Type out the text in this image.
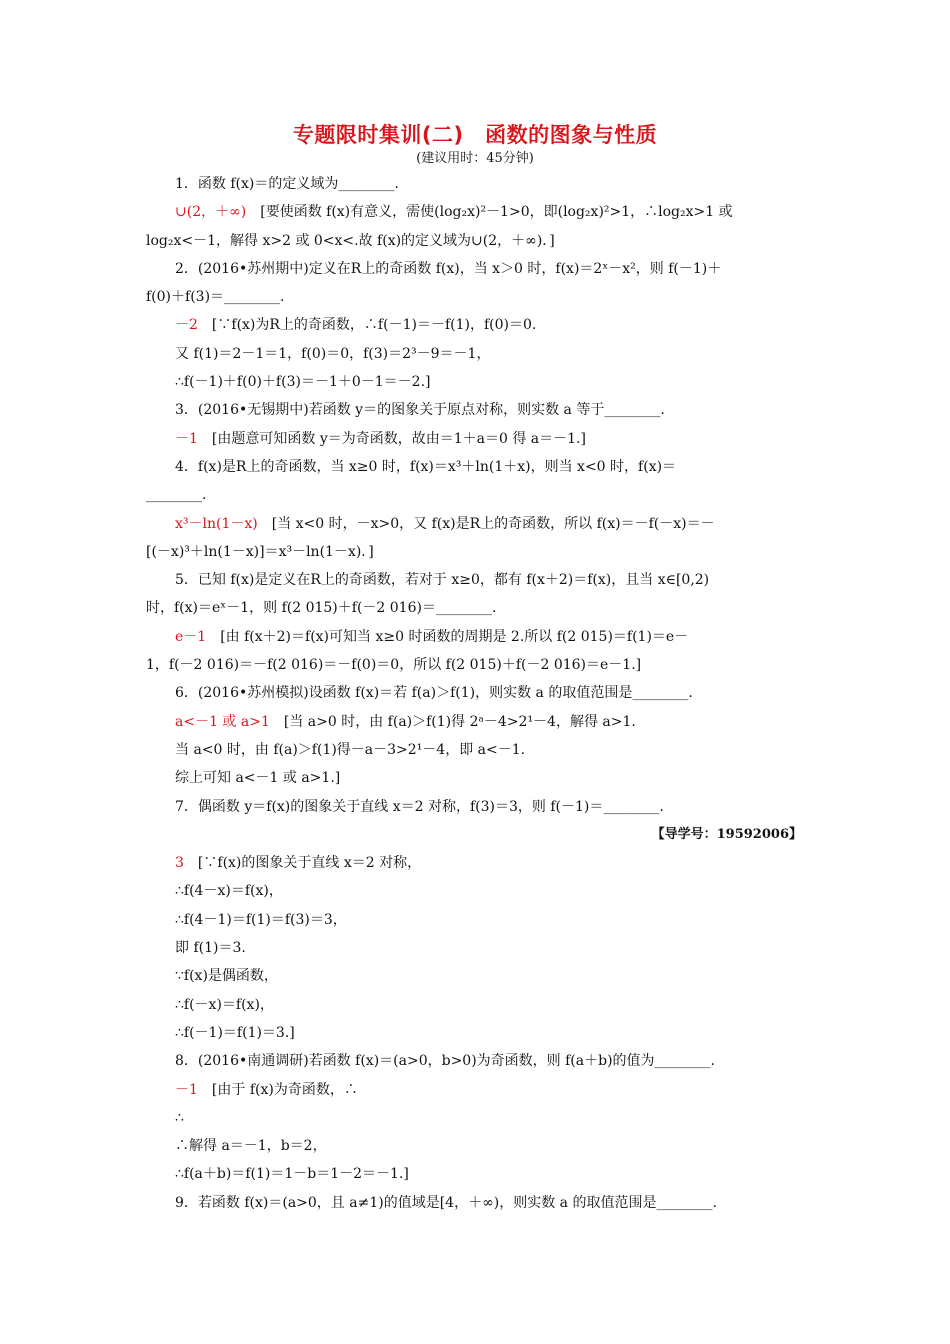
专题限时集训(二)　函数的图象与性质
(建议用时：45分钟)
1．函数 f(x)＝的定义域为________.
∪(2，＋∞)　[要使函数 f(x)有意义，需使(log₂x)²－1>0，即(log₂x)²>1，∴log₂x>1 或
log₂x<－1，解得 x>2 或 0<x<.故 f(x)的定义域为∪(2，＋∞)．]
2．(2016•苏州期中)定义在R上的奇函数 f(x)，当 x＞0 时，f(x)＝2ˣ－x²，则 f(－1)＋
f(0)＋f(3)＝________.
－2　[∵f(x)为R上的奇函数，∴f(－1)＝－f(1)，f(0)＝0.
又 f(1)＝2－1＝1，f(0)＝0，f(3)＝2³－9＝－1，
∴f(－1)＋f(0)＋f(3)＝－1＋0－1＝－2.]
3．(2016•无锡期中)若函数 y＝的图象关于原点对称，则实数 a 等于________.
－1　[由题意可知函数 y＝为奇函数，故由＝1＋a＝0 得 a＝－1.]
4．f(x)是R上的奇函数，当 x≥0 时，f(x)＝x³＋ln(1＋x)，则当 x<0 时，f(x)＝
________.
x³－ln(1－x)　[当 x<0 时，－x>0，又 f(x)是R上的奇函数，所以 f(x)＝－f(－x)＝－
[(－x)³＋ln(1－x)]＝x³－ln(1－x)．]
5．已知 f(x)是定义在R上的奇函数，若对于 x≥0，都有 f(x＋2)＝f(x)，且当 x∈[0,2)
时，f(x)＝eˣ－1，则 f(2 015)＋f(－2 016)＝________.
e－1　[由 f(x＋2)＝f(x)可知当 x≥0 时函数的周期是 2.所以 f(2 015)＝f(1)＝e－
1，f(－2 016)＝－f(2 016)＝－f(0)＝0，所以 f(2 015)＋f(－2 016)＝e－1.]
6．(2016•苏州模拟)设函数 f(x)＝若 f(a)＞f(1)，则实数 a 的取值范围是________.
a<－1 或 a>1　[当 a>0 时，由 f(a)＞f(1)得 2ᵃ－4>2¹－4，解得 a>1.
当 a<0 时，由 f(a)＞f(1)得－a－3>2¹－4，即 a<－1.
综上可知 a<－1 或 a>1.]
7．偶函数 y＝f(x)的图象关于直线 x＝2 对称，f(3)＝3，则 f(－1)＝________.
【导学号：19592006】
3　[∵f(x)的图象关于直线 x＝2 对称，
∴f(4－x)＝f(x)，
∴f(4－1)＝f(1)＝f(3)＝3，
即 f(1)＝3.
∵f(x)是偶函数，
∴f(－x)＝f(x)，
∴f(－1)＝f(1)＝3.]
8．(2016•南通调研)若函数 f(x)＝(a>0，b>0)为奇函数，则 f(a＋b)的值为________.
－1　[由于 f(x)为奇函数，∴
∴
∴解得 a＝－1，b＝2，
∴f(a＋b)＝f(1)＝1－b＝1－2＝－1.]
9．若函数 f(x)＝(a>0，且 a≠1)的值域是[4，＋∞)，则实数 a 的取值范围是________.
